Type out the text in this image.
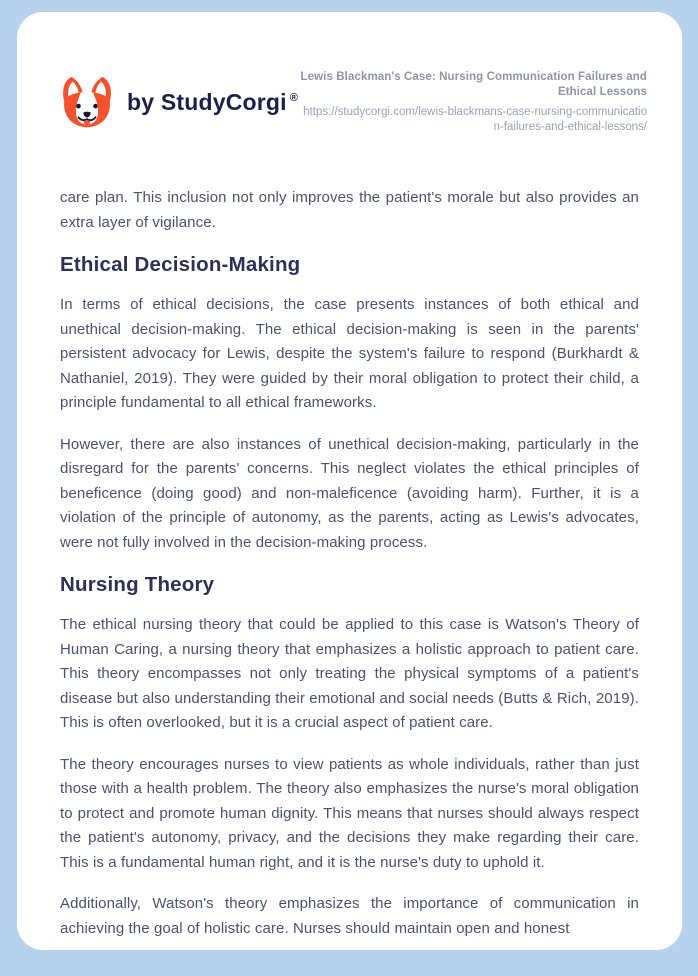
by StudyCorgi ®
Lewis Blackman's Case: Nursing Communication Failures and Ethical Lessons
https://studycorgi.com/lewis-blackmans-case-nursing-communication-failures-and-ethical-lessons/

care plan. This inclusion not only improves the patient's morale but also provides an extra layer of vigilance.

Ethical Decision-Making

In terms of ethical decisions, the case presents instances of both ethical and unethical decision-making. The ethical decision-making is seen in the parents' persistent advocacy for Lewis, despite the system's failure to respond (Burkhardt & Nathaniel, 2019). They were guided by their moral obligation to protect their child, a principle fundamental to all ethical frameworks.

However, there are also instances of unethical decision-making, particularly in the disregard for the parents' concerns. This neglect violates the ethical principles of beneficence (doing good) and non-maleficence (avoiding harm). Further, it is a violation of the principle of autonomy, as the parents, acting as Lewis's advocates, were not fully involved in the decision-making process.

Nursing Theory

The ethical nursing theory that could be applied to this case is Watson's Theory of Human Caring, a nursing theory that emphasizes a holistic approach to patient care. This theory encompasses not only treating the physical symptoms of a patient's disease but also understanding their emotional and social needs (Butts & Rich, 2019). This is often overlooked, but it is a crucial aspect of patient care.

The theory encourages nurses to view patients as whole individuals, rather than just those with a health problem. The theory also emphasizes the nurse's moral obligation to protect and promote human dignity. This means that nurses should always respect the patient's autonomy, privacy, and the decisions they make regarding their care. This is a fundamental human right, and it is the nurse's duty to uphold it.

Additionally, Watson's theory emphasizes the importance of communication in achieving the goal of holistic care. Nurses should maintain open and honest
